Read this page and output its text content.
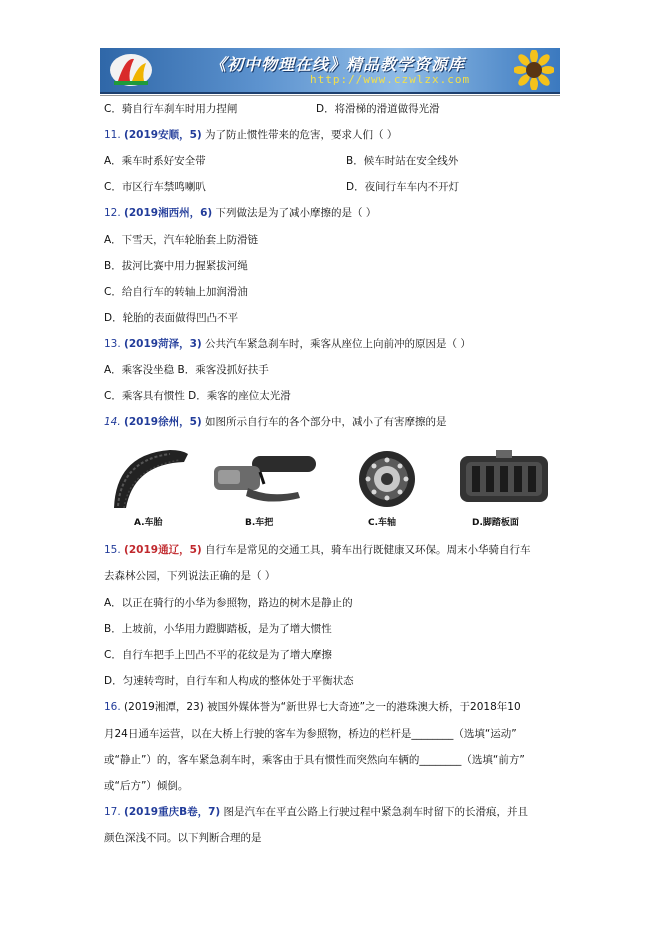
《初中物理在线》精品教学资源库
http://www.czwlzx.com
C．骑自行车刹车时用力捏闸	D．将滑梯的滑道做得光滑
11. (2019安顺，5) 为了防止惯性带来的危害，要求人们（ ）
A．乘车时系好安全带	B．候车时站在安全线外
C．市区行车禁鸣喇叭	D．夜间行车车内不开灯
12. (2019湘西州，6) 下列做法是为了减小摩擦的是（ ）
A．下雪天，汽车轮胎套上防滑链
B．拔河比赛中用力握紧拔河绳
C．给自行车的转轴上加润滑油
D．轮胎的表面做得凹凸不平
13. (2019菏泽，3) 公共汽车紧急刹车时，乘客从座位上向前冲的原因是（ ）
A．乘客没坐稳 B．乘客没抓好扶手
C．乘客具有惯性 D．乘客的座位太光滑
14. (2019徐州，5) 如图所示自行车的各个部分中，减小了有害摩擦的是
A.车胎	B.车把	C.车轴	D.脚踏板面
15. (2019通辽，5) 自行车是常见的交通工具，骑车出行既健康又环保。周末小华骑自行车
去森林公园，下列说法正确的是（ ）
A．以正在骑行的小华为参照物，路边的树木是静止的
B．上坡前，小华用力蹬脚踏板，是为了增大惯性
C．自行车把手上凹凸不平的花纹是为了增大摩擦
D．匀速转弯时，自行车和人构成的整体处于平衡状态
16. (2019湘潭，23) 被国外媒体誉为“新世界七大奇迹”之一的港珠澳大桥，于2018年10
月24日通车运营，以在大桥上行驶的客车为参照物，桥边的栏杆是________（选填“运动”
或“静止”）的，客车紧急刹车时，乘客由于具有惯性而突然向车辆的________（选填“前方”
或“后方”）倾倒。
17. (2019重庆B卷，7) 图是汽车在平直公路上行驶过程中紧急刹车时留下的长滑痕，并且
颜色深浅不同。以下判断合理的是
